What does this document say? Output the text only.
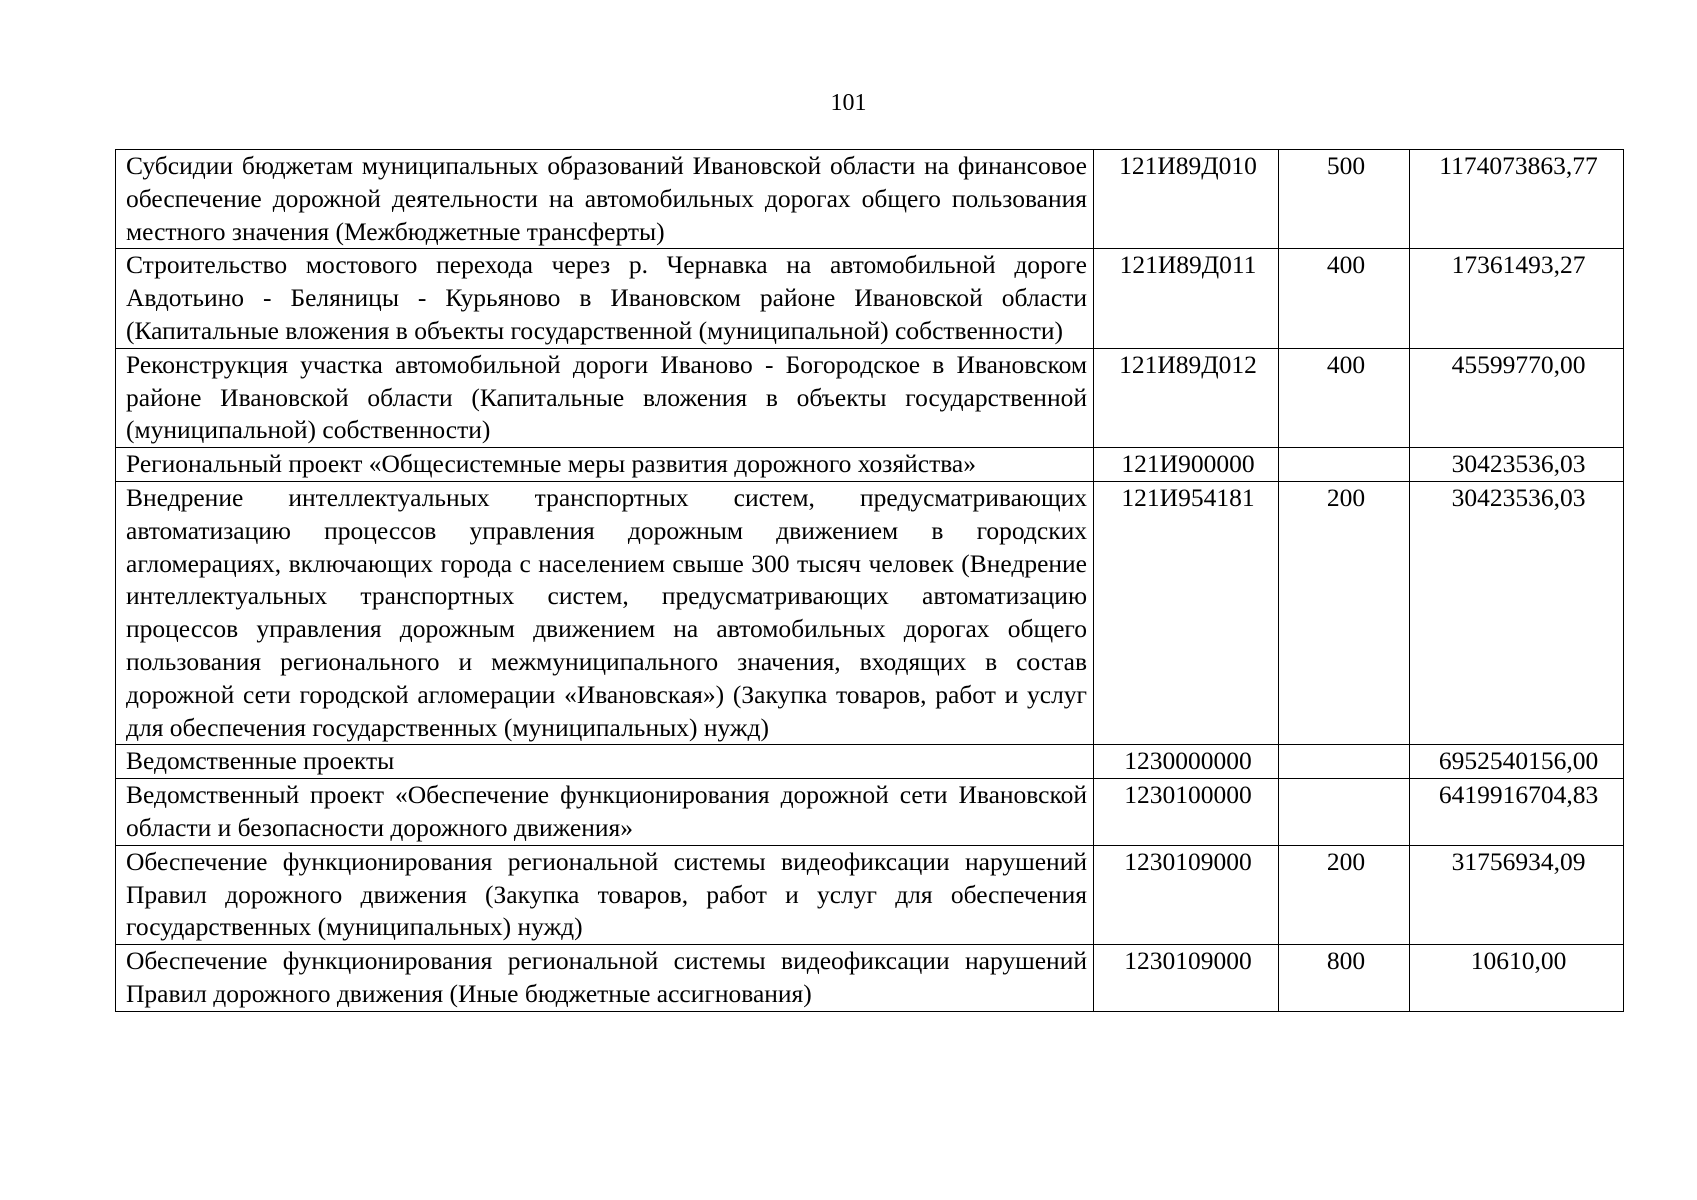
101
Субсидии бюджетам муниципальных образований Ивановской области на финансовое обеспечение дорожной деятельности на автомобильных дорогах общего пользования местного значения (Межбюджетные трансферты)	121И89Д010	500	1174073863,77
Строительство мостового перехода через р. Чернавка на автомобильной дороге Авдотьино - Беляницы - Курьяново в Ивановском районе Ивановской области (Капитальные вложения в объекты государственной (муниципальной) собственности)	121И89Д011	400	17361493,27
Реконструкция участка автомобильной дороги Иваново - Богородское в Ивановском районе Ивановской области (Капитальные вложения в объекты государственной (муниципальной) собственности)	121И89Д012	400	45599770,00
Региональный проект «Общесистемные меры развития дорожного хозяйства»	121И900000		30423536,03
Внедрение интеллектуальных транспортных систем, предусматривающих автоматизацию процессов управления дорожным движением в городских агломерациях, включающих города с населением свыше 300 тысяч человек (Внедрение интеллектуальных транспортных систем, предусматривающих автоматизацию процессов управления дорожным движением на автомобильных дорогах общего пользования регионального и межмуниципального значения, входящих в состав дорожной сети городской агломерации «Ивановская») (Закупка товаров, работ и услуг для обеспечения государственных (муниципальных) нужд)	121И954181	200	30423536,03
Ведомственные проекты	1230000000		6952540156,00
Ведомственный проект «Обеспечение функционирования дорожной сети Ивановской области и безопасности дорожного движения»	1230100000		6419916704,83
Обеспечение функционирования региональной системы видеофиксации нарушений Правил дорожного движения (Закупка товаров, работ и услуг для обеспечения государственных (муниципальных) нужд)	1230109000	200	31756934,09
Обеспечение функционирования региональной системы видеофиксации нарушений Правил дорожного движения (Иные бюджетные ассигнования)	1230109000	800	10610,00
